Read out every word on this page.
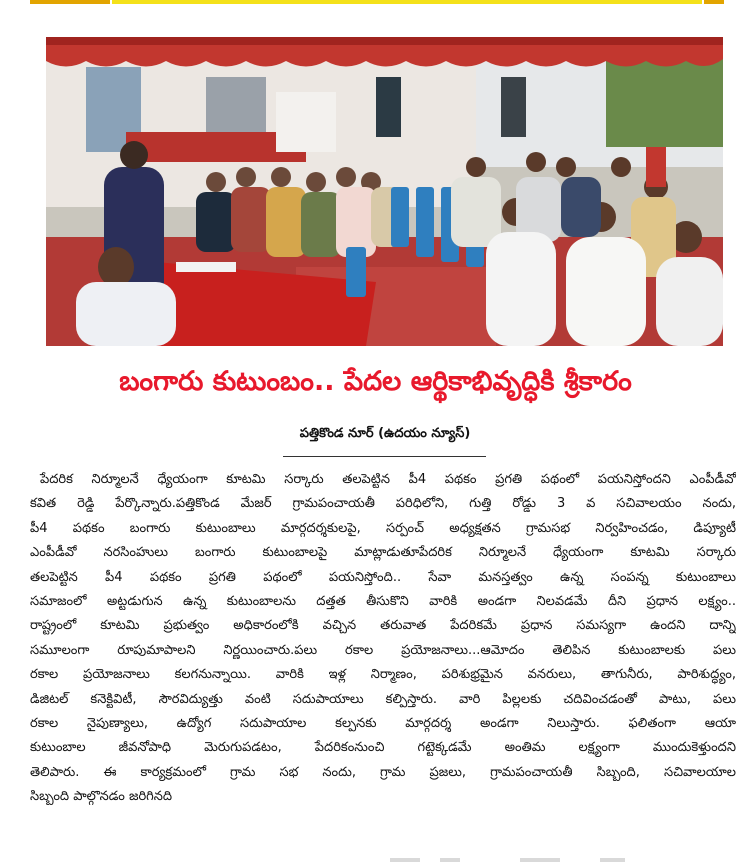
బంగారు కుటుంబం.. పేదల ఆర్థికాభివృద్ధికి శ్రీకారం
పత్తికొండ నూర్ (ఉదయం న్యూస్)
పేదరిక నిర్మూలనే ధ్యేయంగా కూటమి సర్కారు తలపెట్టిన పీ4 పథకం ప్రగతి పథంలో పయనిస్తోందని ఎంపీడీవో
కవిత రెడ్డి పేర్కొన్నారు.పత్తికొండ మేజర్ గ్రామపంచాయతీ పరిధిలోని, గుత్తి రోడ్డు 3 వ సచివాలయం నందు,
పీ4 పథకం బంగారు కుటుంబాలు మార్గదర్శకులపై, సర్పంచ్ అధ్యక్షతన గ్రామసభ నిర్వహించడం, డిప్యూటీ
ఎంపీడీవో నరసింహులు బంగారు కుటుంబాలపై మాట్లాడుతూపేదరిక నిర్మూలనే ధ్యేయంగా కూటమి సర్కారు
తలపెట్టిన పీ4 పథకం ప్రగతి పథంలో పయనిస్తోంది.. సేవా మనస్తత్వం ఉన్న సంపన్న కుటుంబాలు
సమాజంలో అట్టడుగున ఉన్న కుటుంబాలను దత్తత తీసుకొని వారికి అండగా నిలవడమే దీని ప్రధాన లక్ష్యం..
రాష్ట్రంలో కూటమి ప్రభుత్వం అధికారంలోకి వచ్చిన తరువాత పేదరికమే ప్రధాన సమస్యగా ఉందని దాన్ని
సమూలంగా రూపుమాపాలని నిర్ణయించారు.పలు రకాల ప్రయోజనాలు...ఆమోదం తెలిపిన కుటుంబాలకు పలు
రకాల ప్రయోజనాలు కలగనున్నాయి. వారికి ఇళ్ల నిర్మాణం, పరిశుభ్రమైన వనరులు, తాగునీరు, పారిశుద్ధ్యం,
డిజిటల్ కనెక్టివిటీ, సౌరవిద్యుత్తు వంటి సదుపాయాలు కల్పిస్తారు. వారి పిల్లలకు చదివించడంతో పాటు, పలు
రకాల నైపుణ్యాలు, ఉద్యోగ సదుపాయాల కల్పనకు మార్గదర్శ అండగా నిలుస్తారు. ఫలితంగా ఆయా
కుటుంబాల జీవనోపాధి మెరుగుపడటం, పేదరికంనుంచి గట్టెక్కడమే అంతిమ లక్ష్యంగా ముందుకెళ్తుందని
తెలిపారు. ఈ కార్యక్రమంలో గ్రామ సభ నందు, గ్రామ ప్రజలు, గ్రామపంచాయతీ సిబ్బంది, సచివాలయాల
సిబ్బంది పాల్గొనడం జరిగినది
